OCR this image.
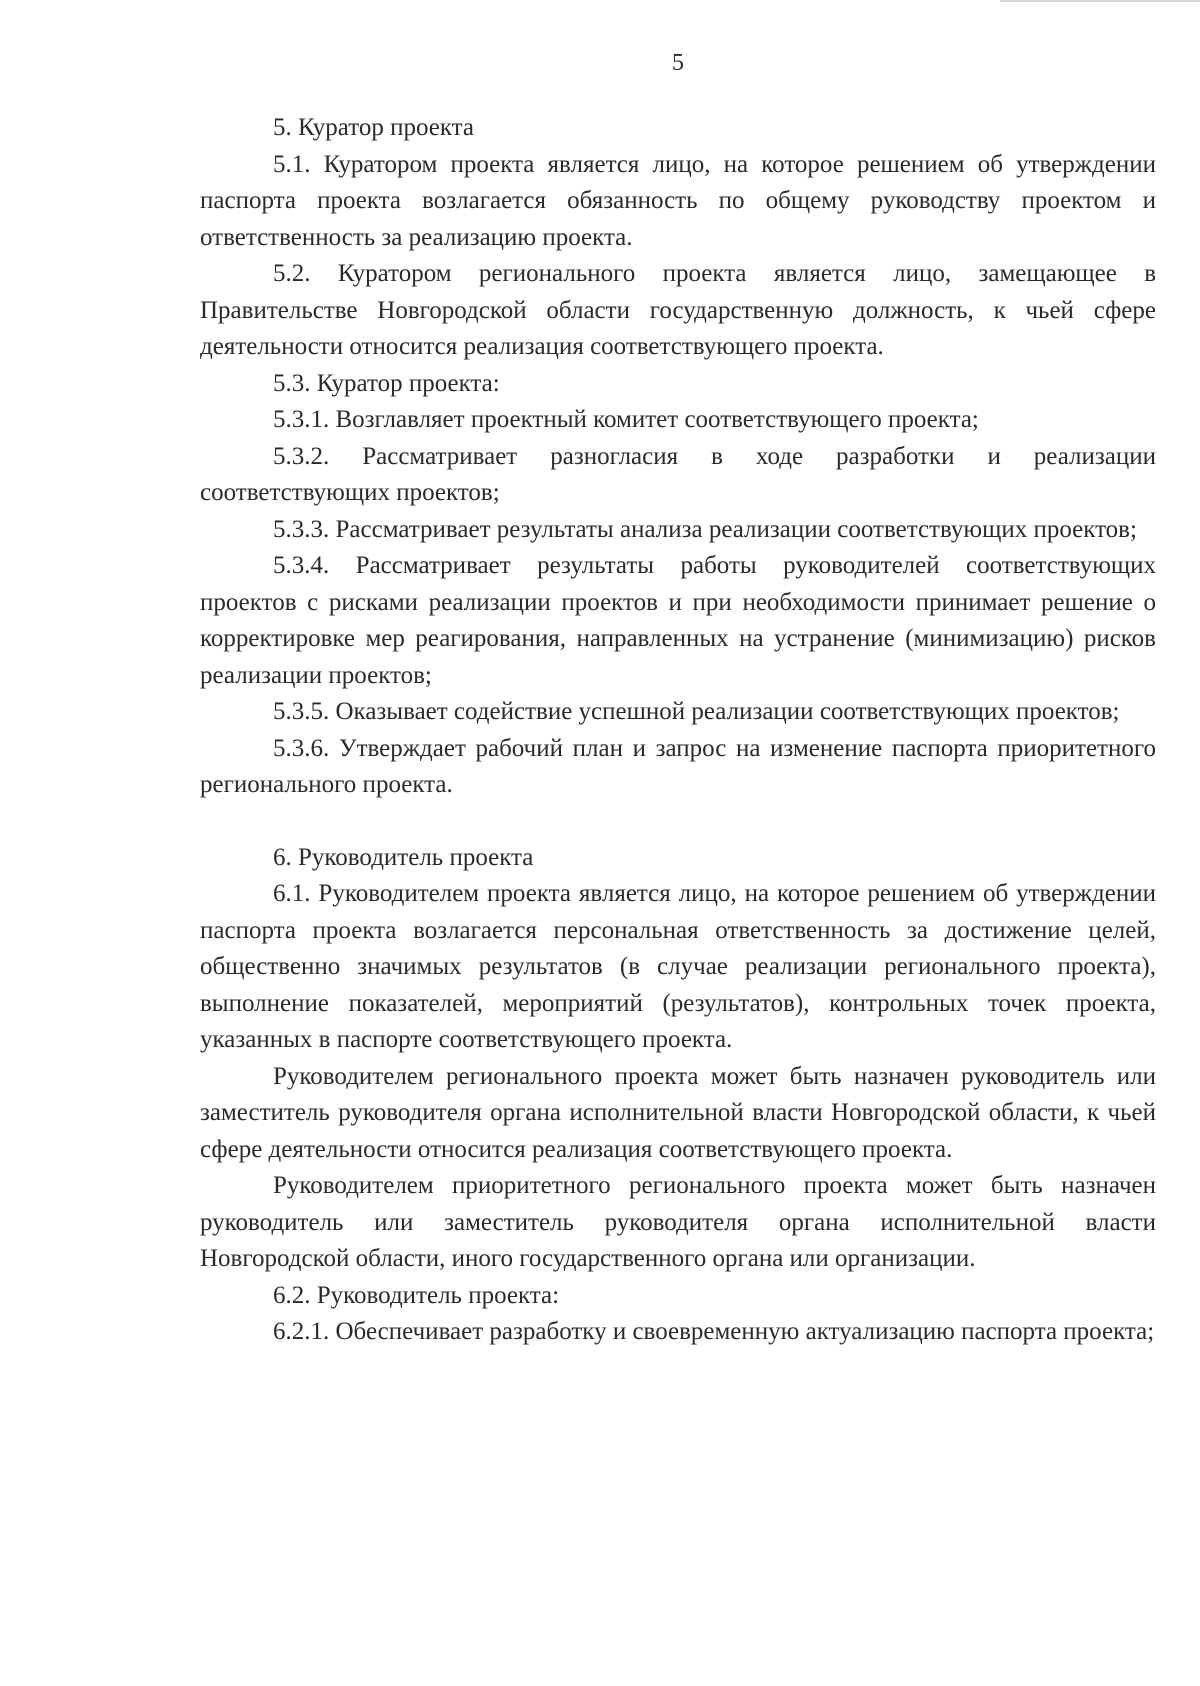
5

5. Куратор проекта

5.1. Куратором проекта является лицо, на которое решением об утверждении паспорта проекта возлагается обязанность по общему руководству проектом и ответственность за реализацию проекта.

5.2. Куратором регионального проекта является лицо, замещающее в Правительстве Новгородской области государственную должность, к чьей сфере деятельности относится реализация соответствующего проекта.

5.3. Куратор проекта:

5.3.1. Возглавляет проектный комитет соответствующего проекта;

5.3.2. Рассматривает разногласия в ходе разработки и реализации соответствующих проектов;

5.3.3. Рассматривает результаты анализа реализации соответствующих проектов;

5.3.4. Рассматривает результаты работы руководителей соответствующих проектов с рисками реализации проектов и при необходимости принимает решение о корректировке мер реагирования, направленных на устранение (минимизацию) рисков реализации проектов;

5.3.5. Оказывает содействие успешной реализации соответствующих проектов;

5.3.6. Утверждает рабочий план и запрос на изменение паспорта приоритетного регионального проекта.

6. Руководитель проекта

6.1. Руководителем проекта является лицо, на которое решением об утверждении паспорта проекта возлагается персональная ответственность за достижение целей, общественно значимых результатов (в случае реализации регионального проекта), выполнение показателей, мероприятий (результатов), контрольных точек проекта, указанных в паспорте соответствующего проекта.

Руководителем регионального проекта может быть назначен руководитель или заместитель руководителя органа исполнительной власти Новгородской области, к чьей сфере деятельности относится реализация соответствующего проекта.

Руководителем приоритетного регионального проекта может быть назначен руководитель или заместитель руководителя органа исполнительной власти Новгородской области, иного государственного органа или организации.

6.2. Руководитель проекта:

6.2.1. Обеспечивает разработку и своевременную актуализацию паспорта проекта;
